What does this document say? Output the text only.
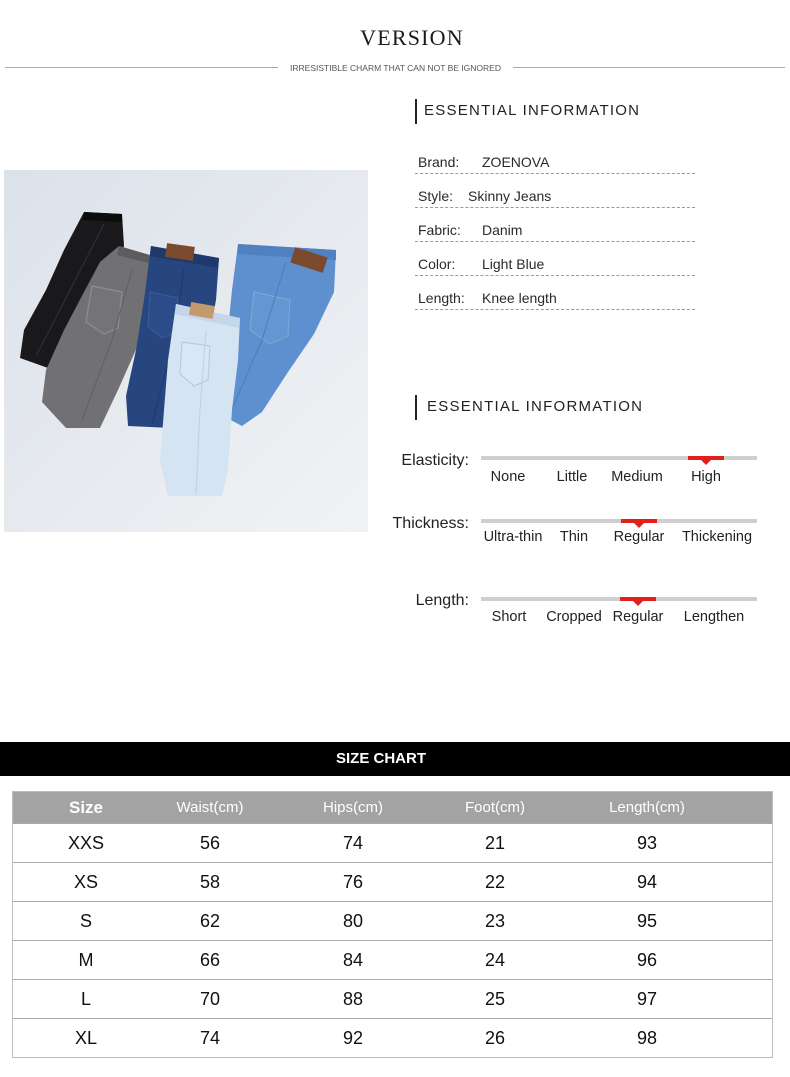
VERSION
IRRESISTIBLE CHARM THAT CAN NOT BE IGNORED
ESSENTIAL INFORMATION
Brand:	ZOENOVA
Style:	Skinny Jeans
Fabric:	Danim
Color:	Light Blue
Length:	Knee length
ESSENTIAL INFORMATION
Elasticity:
None	Little	Medium	High
Thickness:
Ultra-thin	Thin	Regular	Thickening
Length:
Short	Cropped Regular	Lengthen
SIZE CHART
Size	Waist(cm)	Hips(cm)	Foot(cm)	Length(cm)
XXS	56	74	21	93
XS	58	76	22	94
S	62	80	23	95
M	66	84	24	96
L	70	88	25	97
XL	74	92	26	98
